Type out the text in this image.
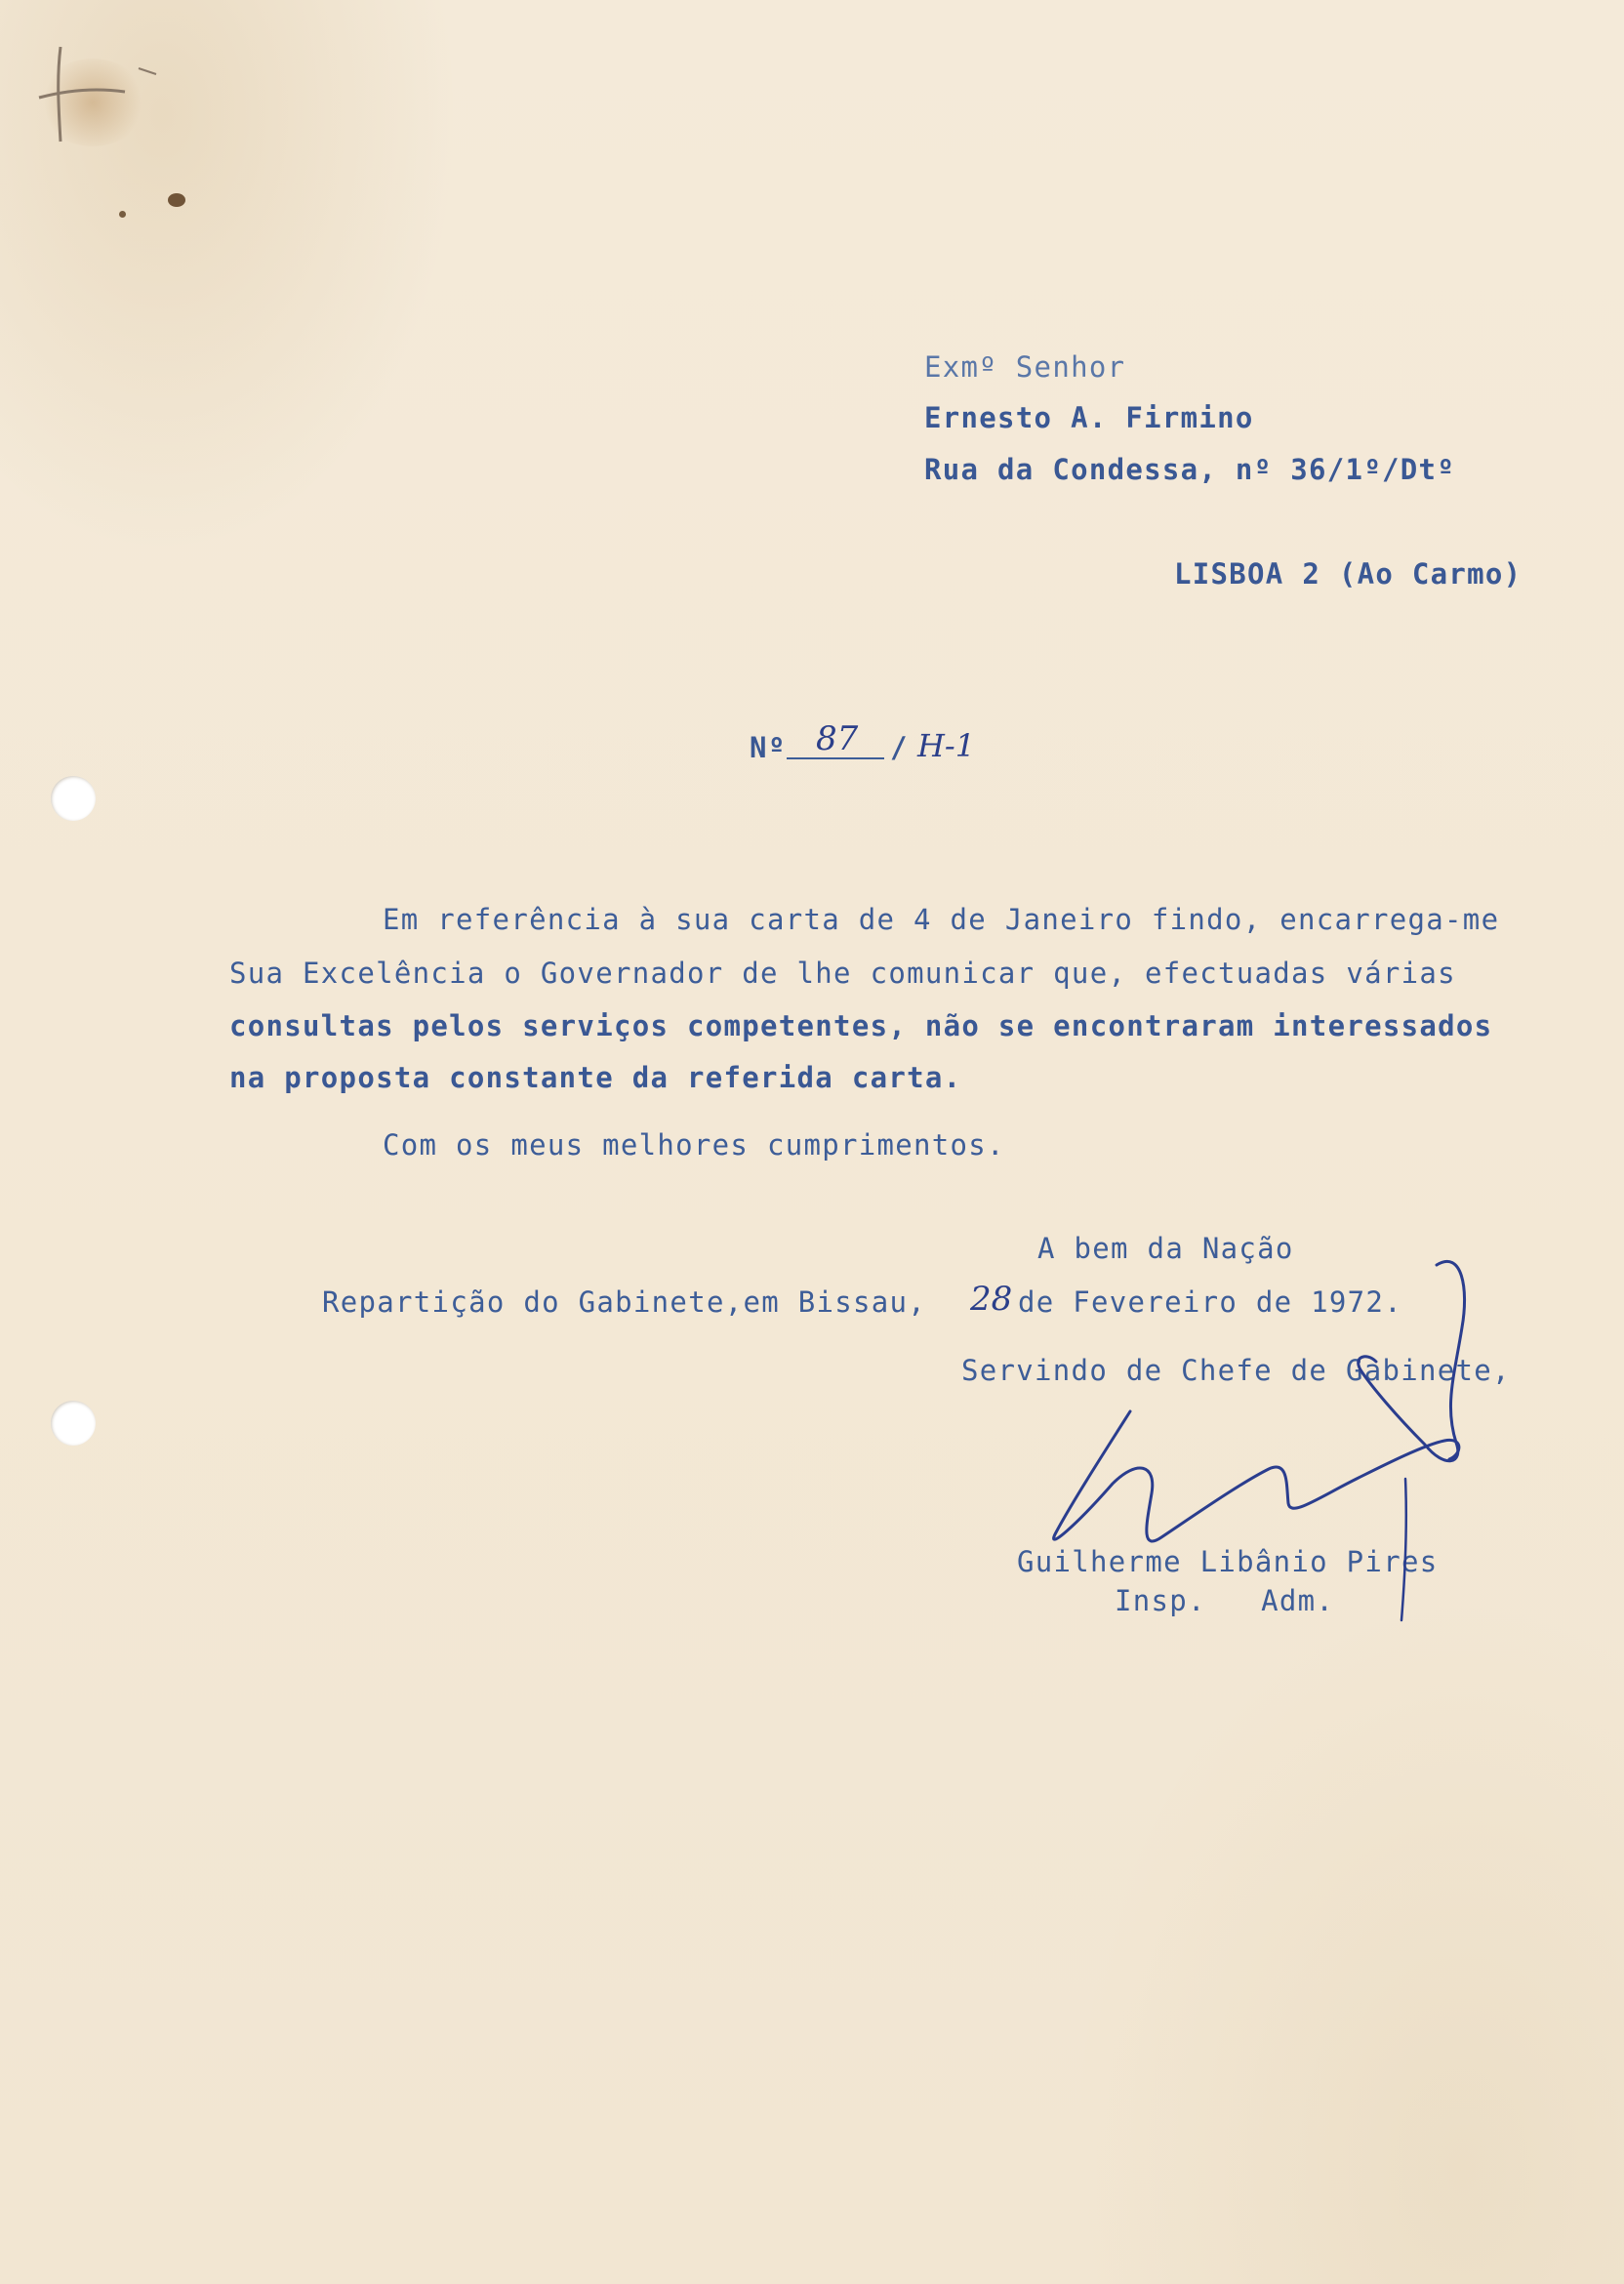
Exmº Senhor
Ernesto A. Firmino
Rua da Condessa, nº 36/1º/Dtº
LISBOA 2 (Ao Carmo)
Nº 87 / H-1
Em referência à sua carta de 4 de Janeiro findo, encarrega-me
Sua Excelência o Governador de lhe comunicar que, efectuadas várias
consultas pelos serviços competentes, não se encontraram interessados
na proposta constante da referida carta.
Com os meus melhores cumprimentos.
A bem da Nação
Repartição do Gabinete,em Bissau, 28 de Fevereiro de 1972.
Servindo de Chefe de Gabinete,
Guilherme Libânio Pires
Insp.   Adm.
